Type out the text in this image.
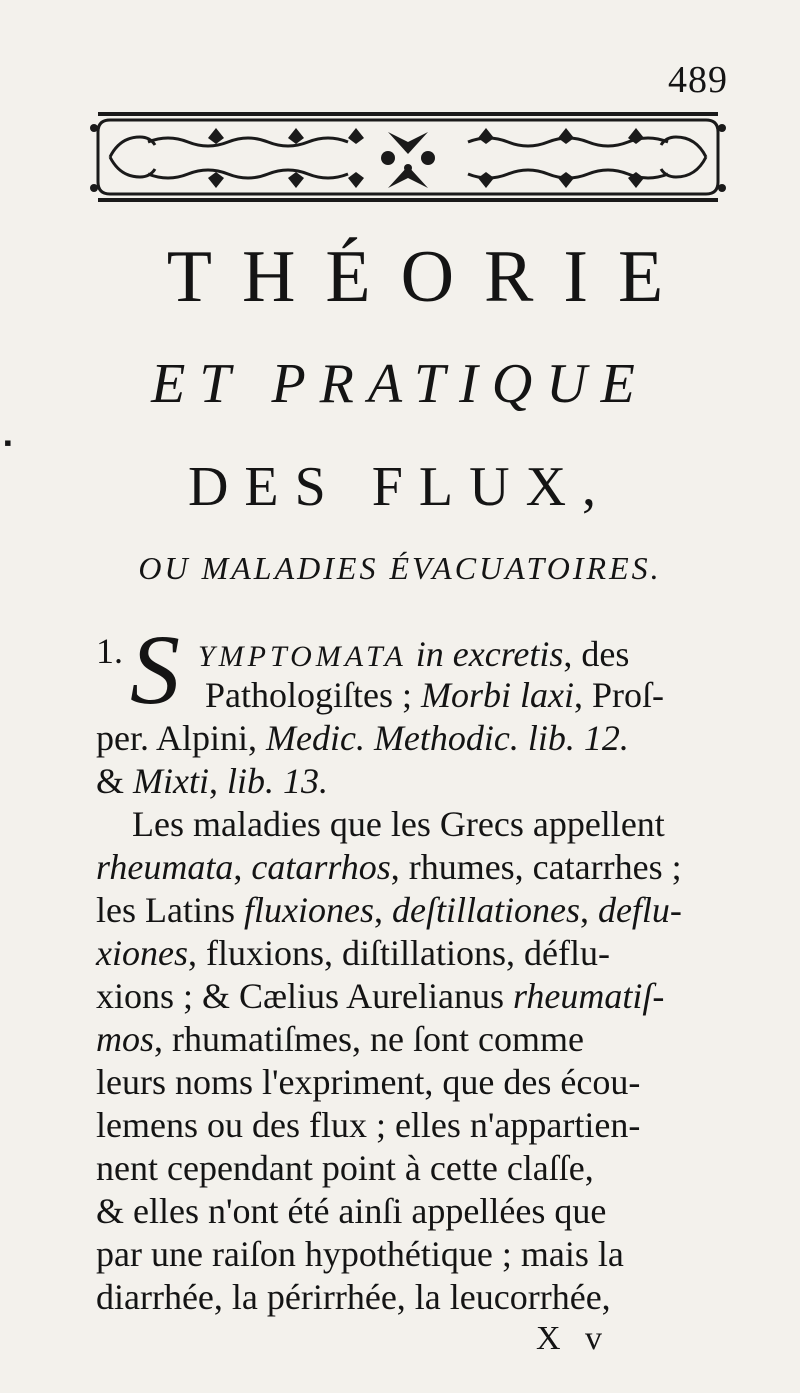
▪
489
THÉORIE
ET PRATIQUE
DES FLUX,
OU MALADIES ÉVACUATOIRES.
1. S YMPTOMATA in excretis, des
Pathologiſtes ; Morbi laxi, Proſ-
per. Alpini, Medic. Methodic. lib. 12.
& Mixti, lib. 13.
Les maladies que les Grecs appellent
rheumata, catarrhos, rhumes, catarrhes ;
les Latins fluxiones, deſtillationes, deflu-
xiones, fluxions, diſtillations, déflu-
xions ; & Cælius Aurelianus rheumatiſ-
mos, rhumatiſmes, ne ſont comme
leurs noms l'expriment, que des écou-
lemens ou des flux ; elles n'appartien-
nent cependant point à cette claſſe,
& elles n'ont été ainſi appellées que
par une raiſon hypothétique ; mais la
diarrhée, la périrrhée, la leucorrhée,
X v
